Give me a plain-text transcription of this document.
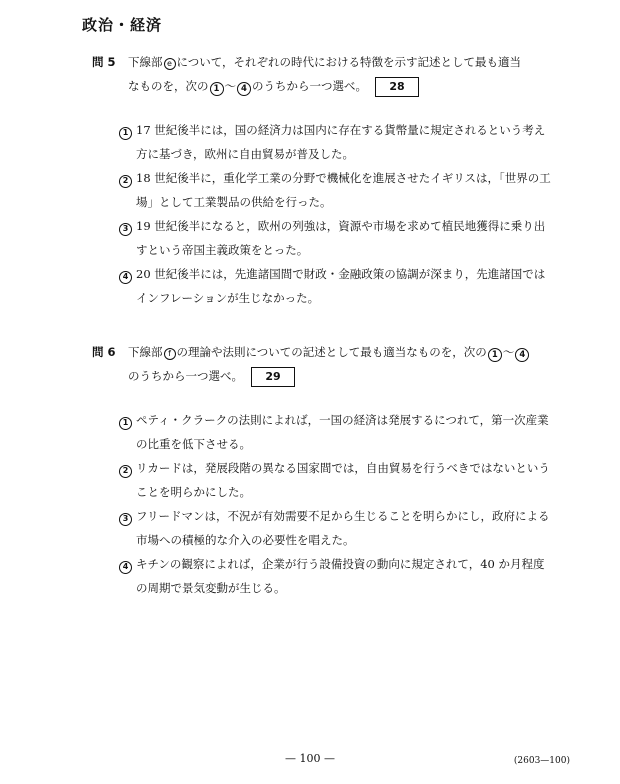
政治・経済
問 5	下線部 e について，それぞれの時代における特徴を示す記述として最も適当
なものを，次の 1 ～ 4 のうちから一つ選べ。 28
1 17 世紀後半には，国の経済力は国内に存在する貨幣量に規定されるという考え方に基づき，欧州に自由貿易が普及した。
2 18 世紀後半に，重化学工業の分野で機械化を進展させたイギリスは，「世界の工場」として工業製品の供給を行った。
3 19 世紀後半になると，欧州の列強は，資源や市場を求めて植民地獲得に乗り出すという帝国主義政策をとった。
4 20 世紀後半には，先進諸国間で財政・金融政策の協調が深まり，先進諸国ではインフレーションが生じなかった。
問 6	下線部 f の理論や法則についての記述として最も適当なものを，次の 1 ～ 4
のうちから一つ選べ。 29
1 ペティ・クラークの法則によれば，一国の経済は発展するにつれて，第一次産業の比重を低下させる。
2 リカードは，発展段階の異なる国家間では，自由貿易を行うべきではないということを明らかにした。
3 フリードマンは，不況が有効需要不足から生じることを明らかにし，政府による市場への積極的な介入の必要性を唱えた。
4 キチンの観察によれば，企業が行う設備投資の動向に規定されて，40 か月程度の周期で景気変動が生じる。
— 100 —	(2603—100)
